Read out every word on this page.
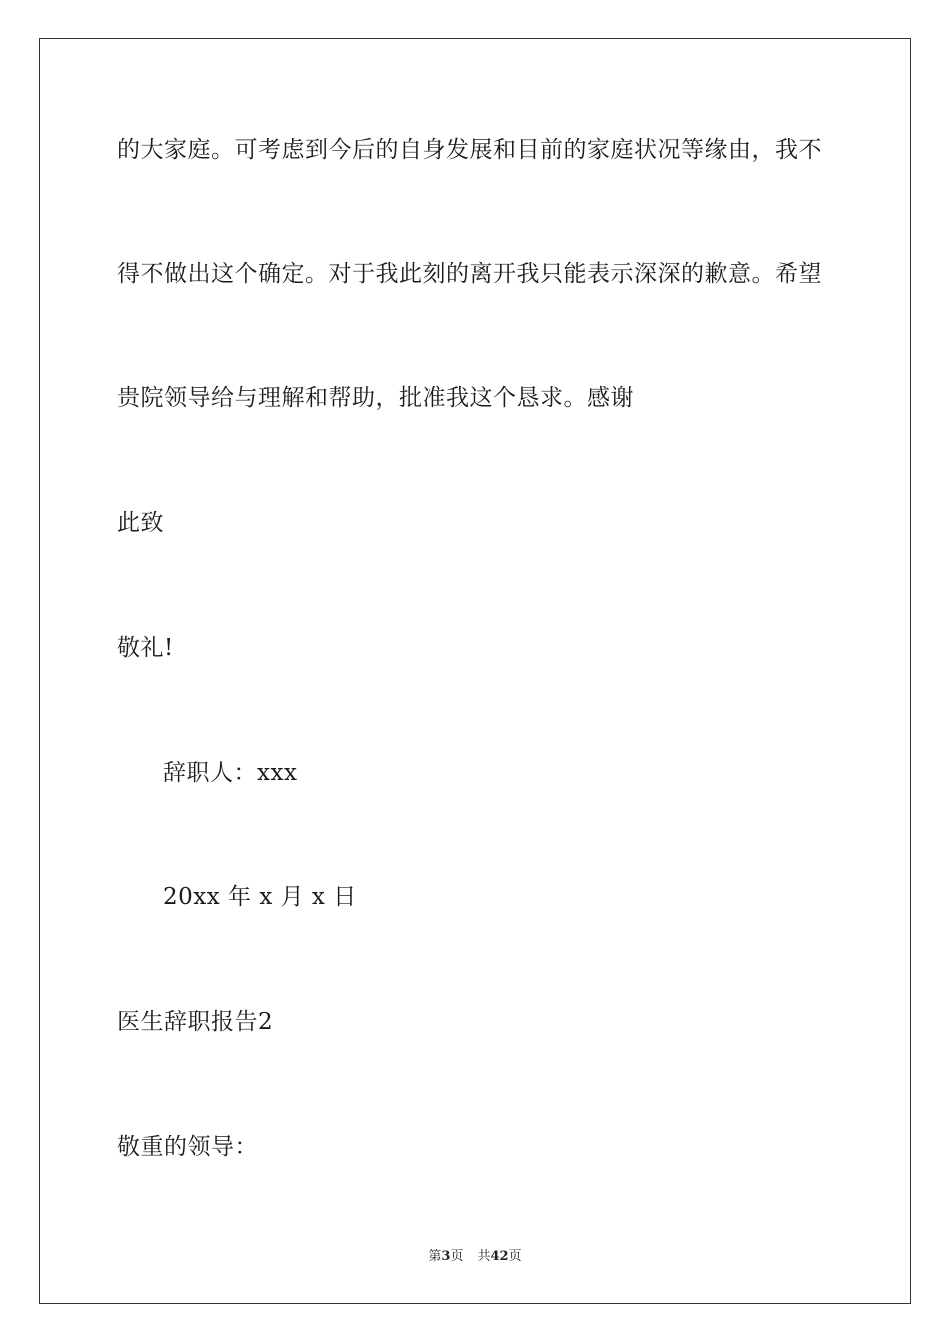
的大家庭。可考虑到今后的自身发展和目前的家庭状况等缘由，我不
得不做出这个确定。对于我此刻的离开我只能表示深深的歉意。希望
贵院领导给与理解和帮助，批准我这个恳求。感谢
此致
敬礼!
辞职人：xxx
20xx 年 x 月 x 日
医生辞职报告2
敬重的领导：
第3页 共42页
